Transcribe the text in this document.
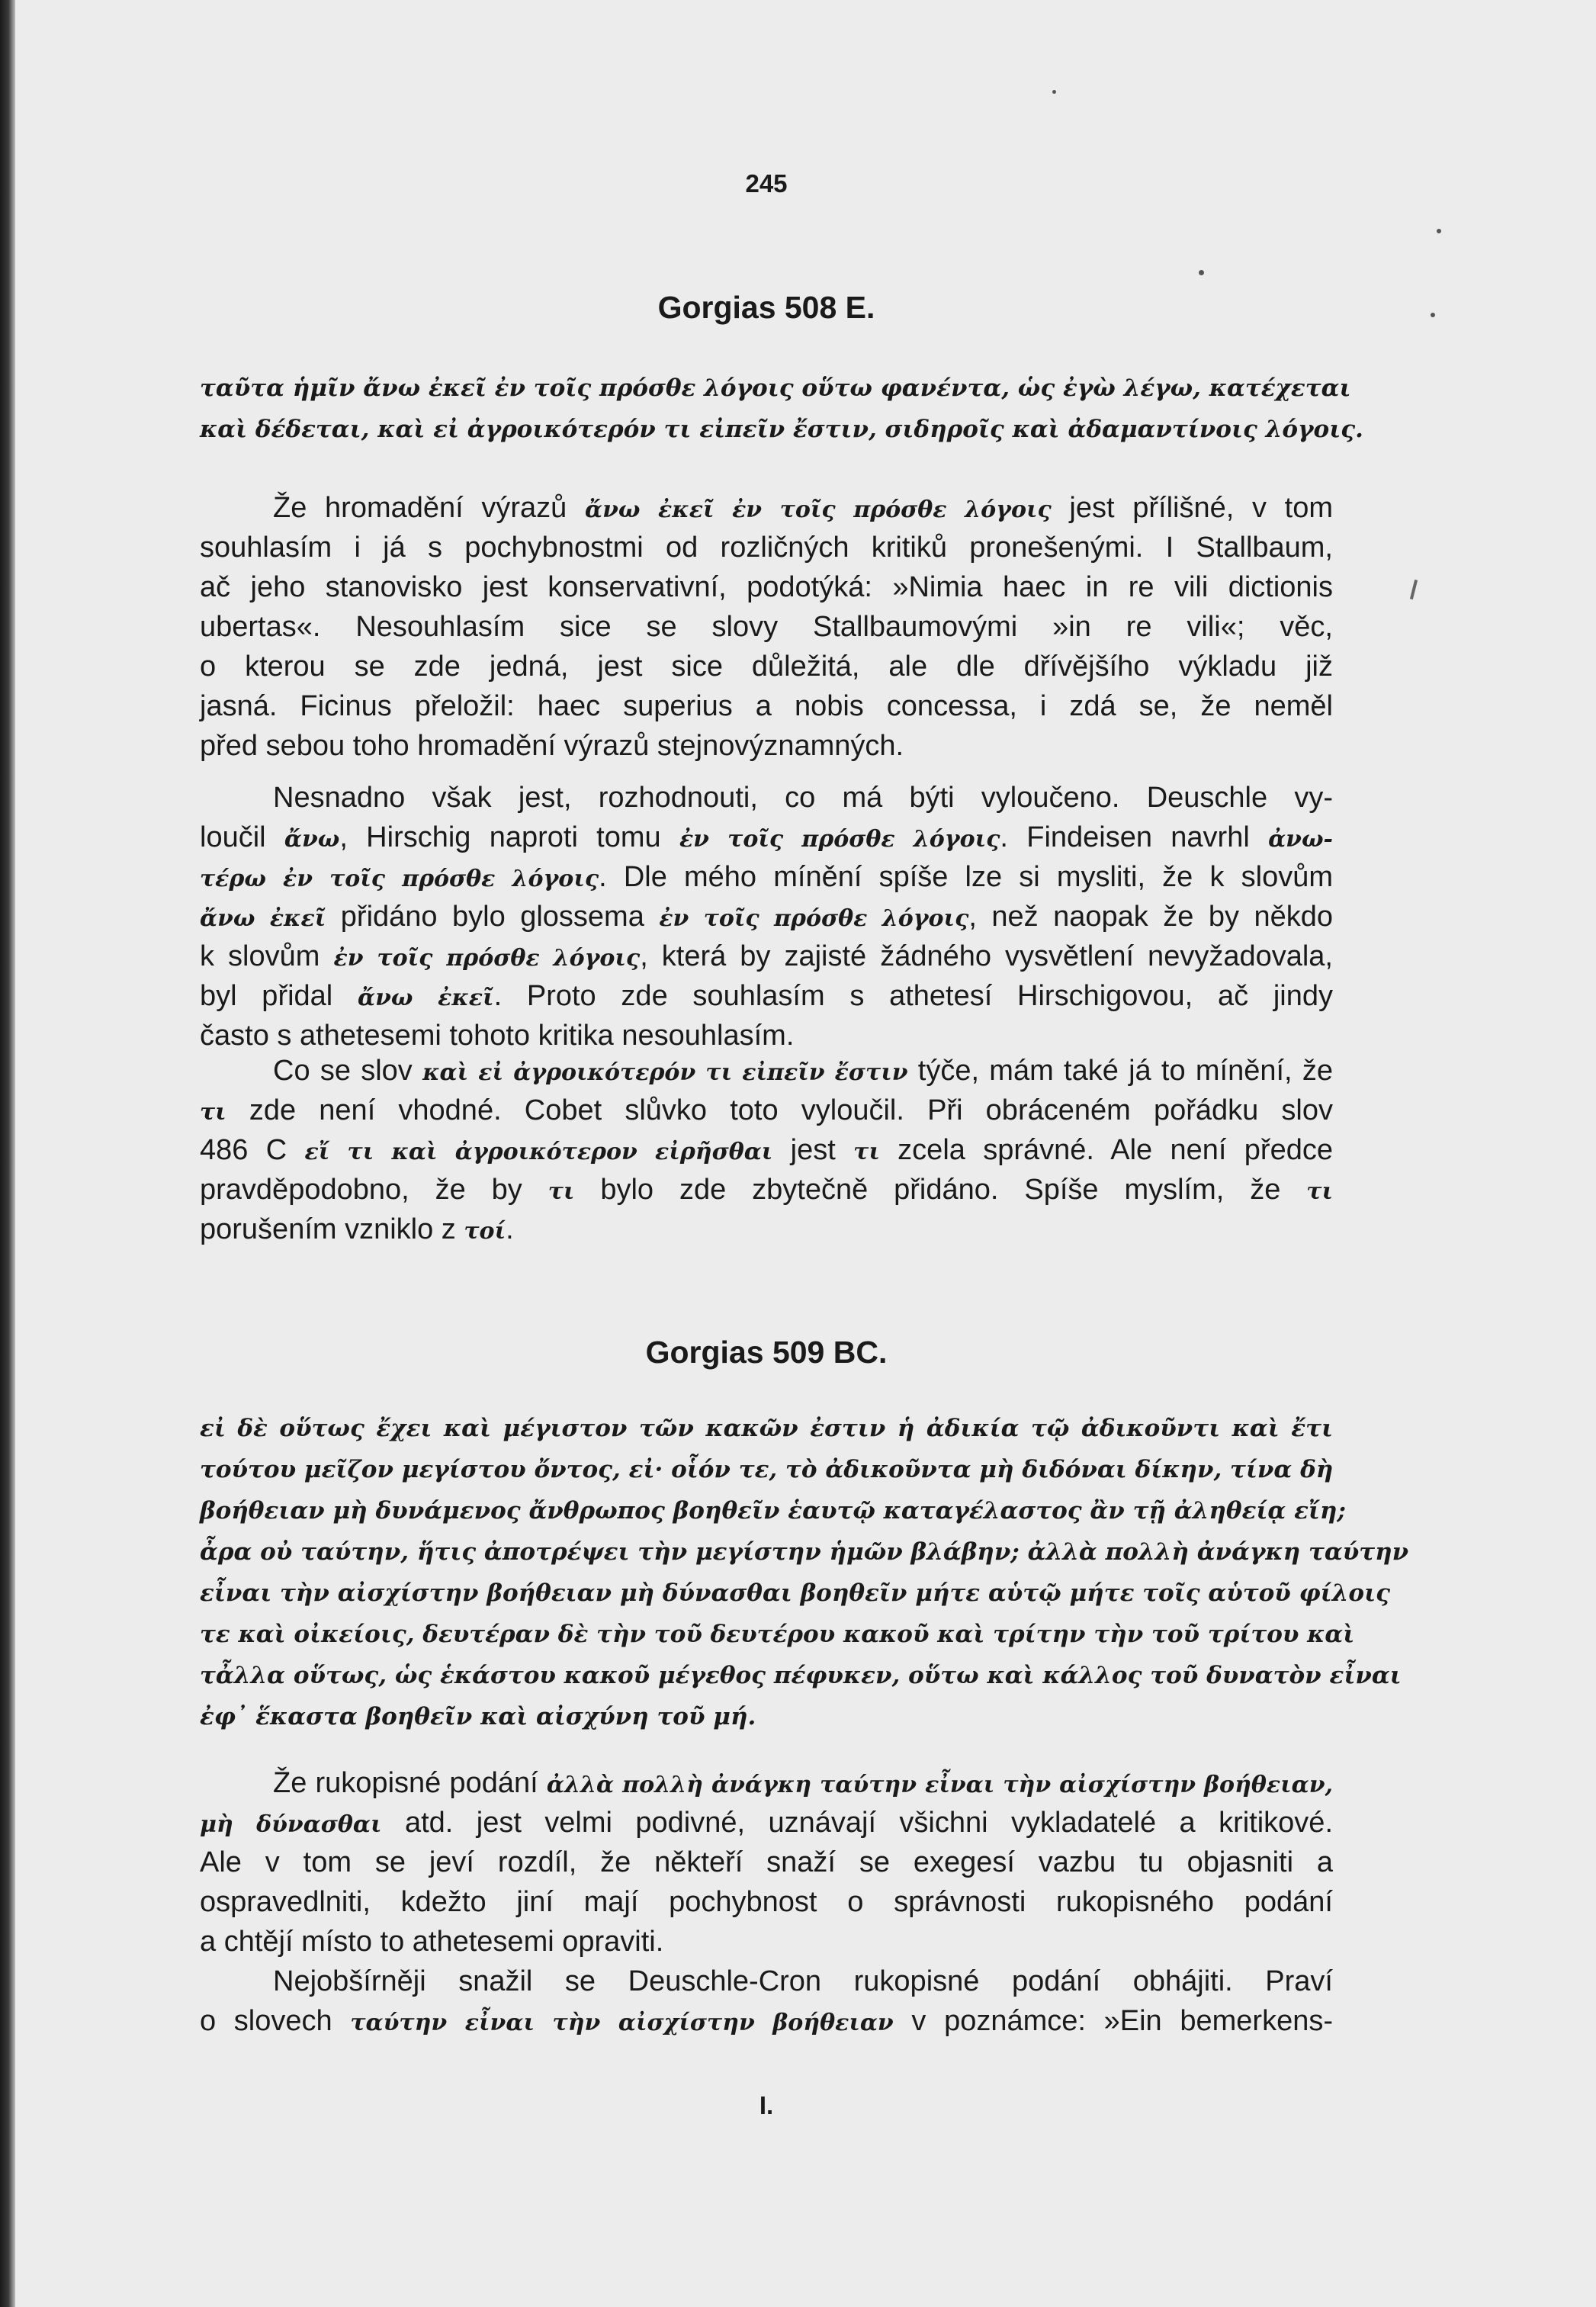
245
Gorgias 508 E.
ταῦτα ἡμῖν ἄνω ἐκεῖ ἐν τοῖς πρόσθε λόγοις οὕτω φανέντα, ὡς ἐγὼ λέγω, κατέχεται
καὶ δέδεται, καὶ εἰ ἀγροικότερόν τι εἰπεῖν ἔστιν, σιδηροῖς καὶ ἀδαμαντίνοις λόγοις.
Že hromadění výrazů ἄνω ἐκεῖ ἐν τοῖς πρόσθε λόγοις jest přílišné, v tom
souhlasím i já s pochybnostmi od rozličných kritiků pronešenými. I Stallbaum,
ač jeho stanovisko jest konservativní, podotýká: »Nimia haec in re vili dictionis
ubertas«. Nesouhlasím sice se slovy Stallbaumovými »in re vili«; věc,
o kterou se zde jedná, jest sice důležitá, ale dle dřívějšího výkladu již
jasná. Ficinus přeložil: haec superius a nobis concessa, i zdá se, že neměl
před sebou toho hromadění výrazů stejnovýznamných.
Nesnadno však jest, rozhodnouti, co má býti vyloučeno. Deuschle vy-
loučil ἄνω, Hirschig naproti tomu ἐν τοῖς πρόσθε λόγοις. Findeisen navrhl ἀνω-
τέρω ἐν τοῖς πρόσθε λόγοις. Dle mého mínění spíše lze si mysliti, že k slovům
ἄνω ἐκεῖ přidáno bylo glossema ἐν τοῖς πρόσθε λόγοις, než naopak že by někdo
k slovům ἐν τοῖς πρόσθε λόγοις, která by zajisté žádného vysvětlení nevyžadovala,
byl přidal ἄνω ἐκεῖ. Proto zde souhlasím s athetesí Hirschigovou, ač jindy
často s athetesemi tohoto kritika nesouhlasím.
Co se slov καὶ εἰ ἀγροικότερόν τι εἰπεῖν ἔστιν týče, mám také já to mínění, že
τι zde není vhodné. Cobet slůvko toto vyloučil. Při obráceném pořádku slov
486 C εἴ τι καὶ ἀγροικότερον εἰρῆσθαι jest τι zcela správné. Ale není předce
pravděpodobno, že by τι bylo zde zbytečně přidáno. Spíše myslím, že τι
porušením vzniklo z τοί.
Gorgias 509 BC.
εἰ δὲ οὕτως ἔχει καὶ μέγιστον τῶν κακῶν ἐστιν ἡ ἀδικία τῷ ἀδικοῦντι καὶ ἔτι
τούτου μεῖζον μεγίστου ὄντος, εἰ· οἷόν τε, τὸ ἀδικοῦντα μὴ διδόναι δίκην, τίνα δὴ
βοήθειαν μὴ δυνάμενος ἄνθρωπος βοηθεῖν ἑαυτῷ καταγέλαστος ἂν τῇ ἀληθείᾳ εἴη;
ἆρα οὐ ταύτην, ἥτις ἀποτρέψει τὴν μεγίστην ἡμῶν βλάβην; ἀλλὰ πολλὴ ἀνάγκη ταύτην
εἶναι τὴν αἰσχίστην βοήθειαν μὴ δύνασθαι βοηθεῖν μήτε αὑτῷ μήτε τοῖς αὑτοῦ φίλοις
τε καὶ οἰκείοις, δευτέραν δὲ τὴν τοῦ δευτέρου κακοῦ καὶ τρίτην τὴν τοῦ τρίτου καὶ
τἆλλα οὕτως, ὡς ἑκάστου κακοῦ μέγεθος πέφυκεν, οὕτω καὶ κάλλος τοῦ δυνατὸν εἶναι
ἐφ᾽ ἕκαστα βοηθεῖν καὶ αἰσχύνη τοῦ μή.
Že rukopisné podání ἀλλὰ πολλὴ ἀνάγκη ταύτην εἶναι τὴν αἰσχίστην βοήθειαν,
μὴ δύνασθαι atd. jest velmi podivné, uznávají všichni vykladatelé a kritikové.
Ale v tom se jeví rozdíl, že někteří snaží se exegesí vazbu tu objasniti a
ospravedlniti, kdežto jiní mají pochybnost o správnosti rukopisného podání
a chtějí místo to athetesemi opraviti.
Nejobšírněji snažil se Deuschle-Cron rukopisné podání obhájiti. Praví
o slovech ταύτην εἶναι τὴν αἰσχίστην βοήθειαν v poznámce: »Ein bemerkens-
I.
